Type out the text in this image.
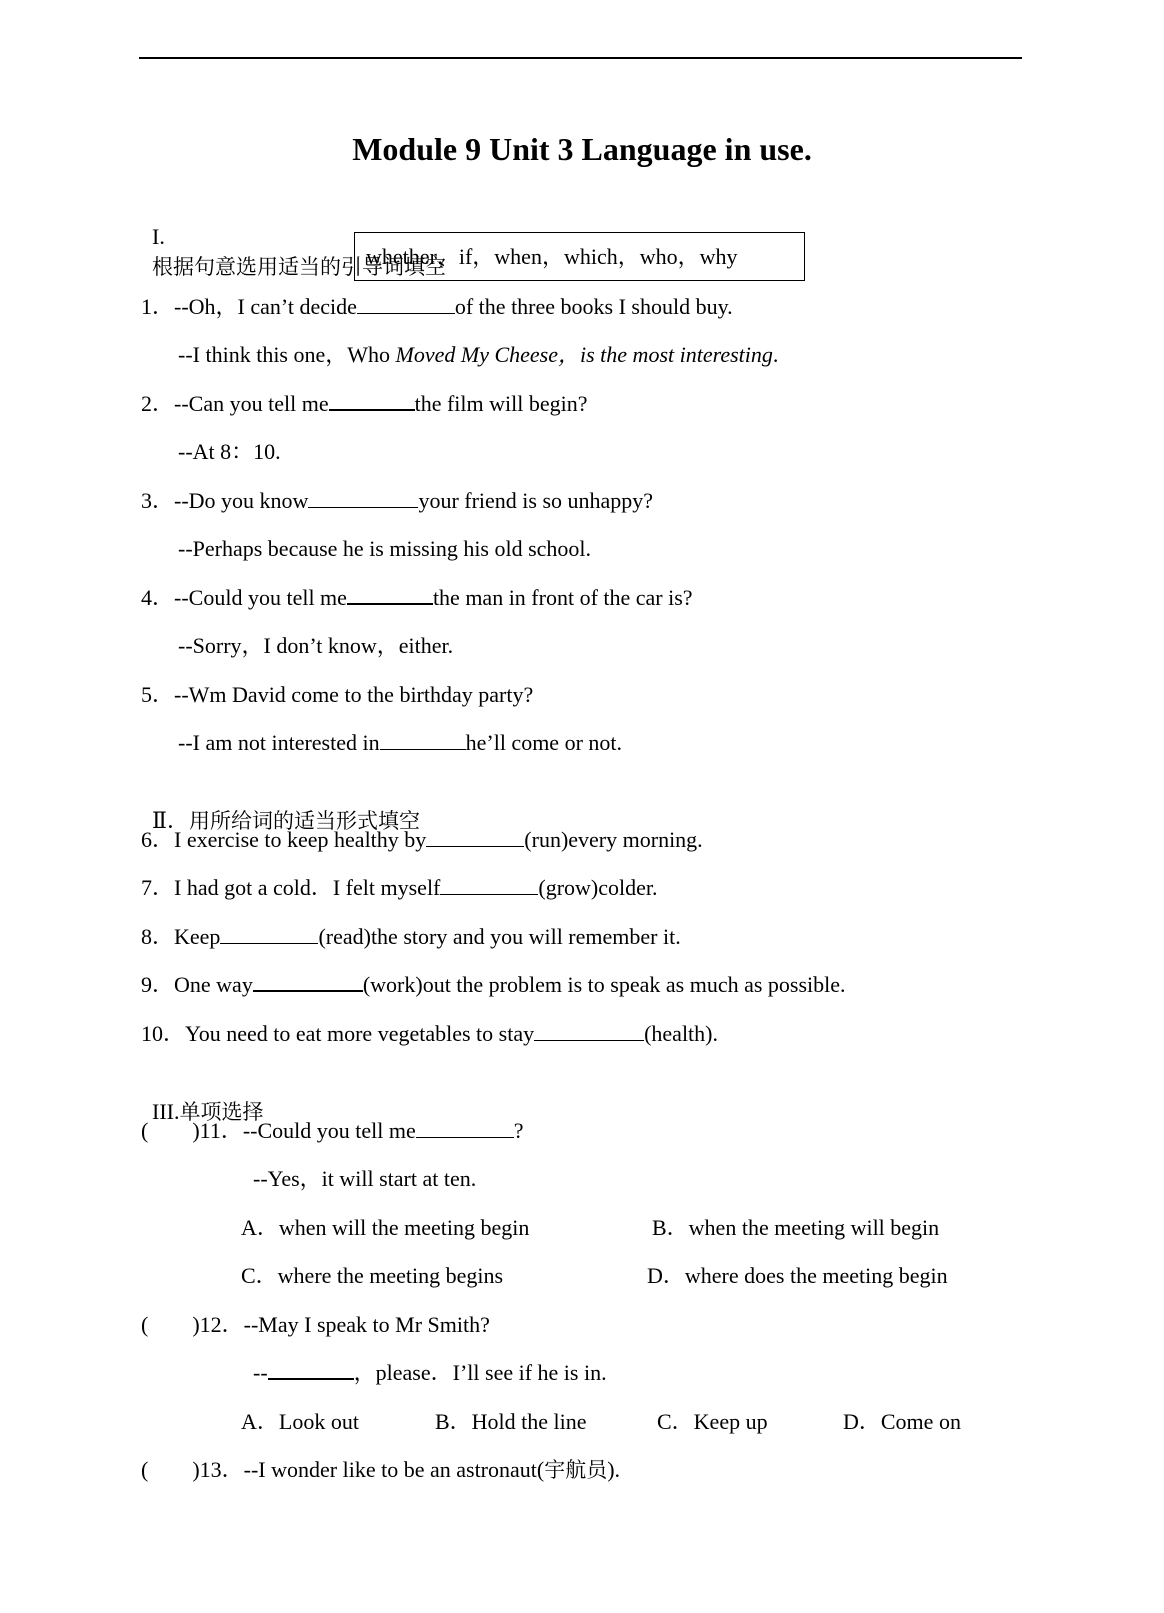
Module 9 Unit 3 Language in use.

I.
根据句意选用适当的引导词填空

whether，if，when，which，who，why
1．--Oh，I can’t decide	of the three books I should buy.
--I think this one，Who Moved My Cheese，is the most interesting.
2．--Can you tell me	the film will begin?
--At 8：10.
3．--Do you know	your friend is so unhappy?
--Perhaps because he is missing his old school.
4．--Could you tell me	the man in front of the car is?
--Sorry，I don’t know，either.
5．--Wm David come to the birthday party?
--I am not interested in	he’ll come or not.

Ⅱ．用所给词的适当形式填空

6．I exercise to keep healthy by	(run)every morning.
7．I had got a cold．I felt myself	(grow)colder.
8．Keep	(read)the story and you will remember it.
9．One way	(work)out the problem is to speak as much as possible.
10．You need to eat more vegetables to stay	(health).

III.单项选择

(        )11．--Could you tell me	?
--Yes，it will start at ten.
A．when will the meeting begin	B．when the meeting will begin
C．where the meeting begins	D．where does the meeting begin
(        )12．--May I speak to Mr Smith?
--	，please．I’ll see if he is in.
A．Look out	B．Hold the line	C．Keep up	D．Come on
(        )13．--I wonder like to be an astronaut(宇航员).
